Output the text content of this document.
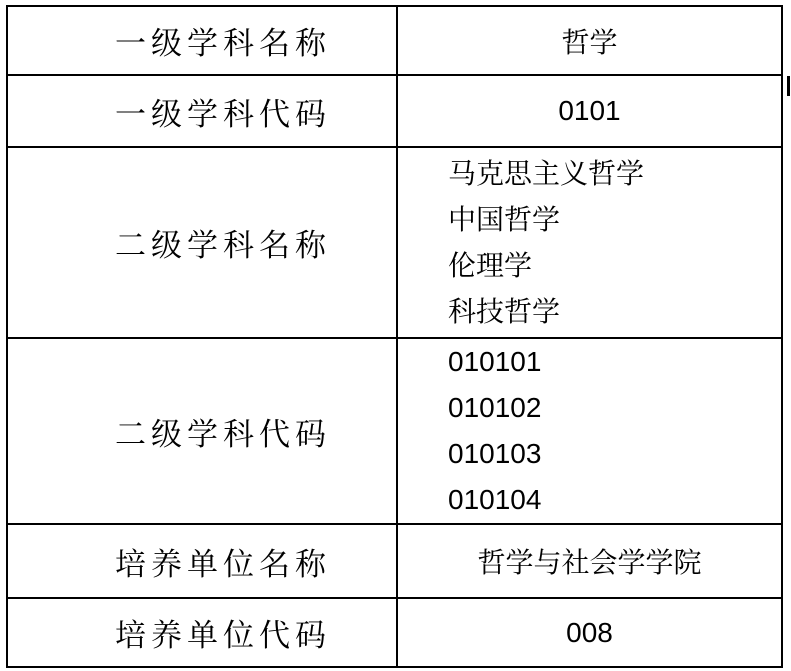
一级学科名称	哲学
一级学科代码	0101
二级学科名称	马克思主义哲学
中国哲学
伦理学
科技哲学

二级学科代码	010101
010102
010103
010104

培养单位名称	哲学与社会学学院
培养单位代码	008
